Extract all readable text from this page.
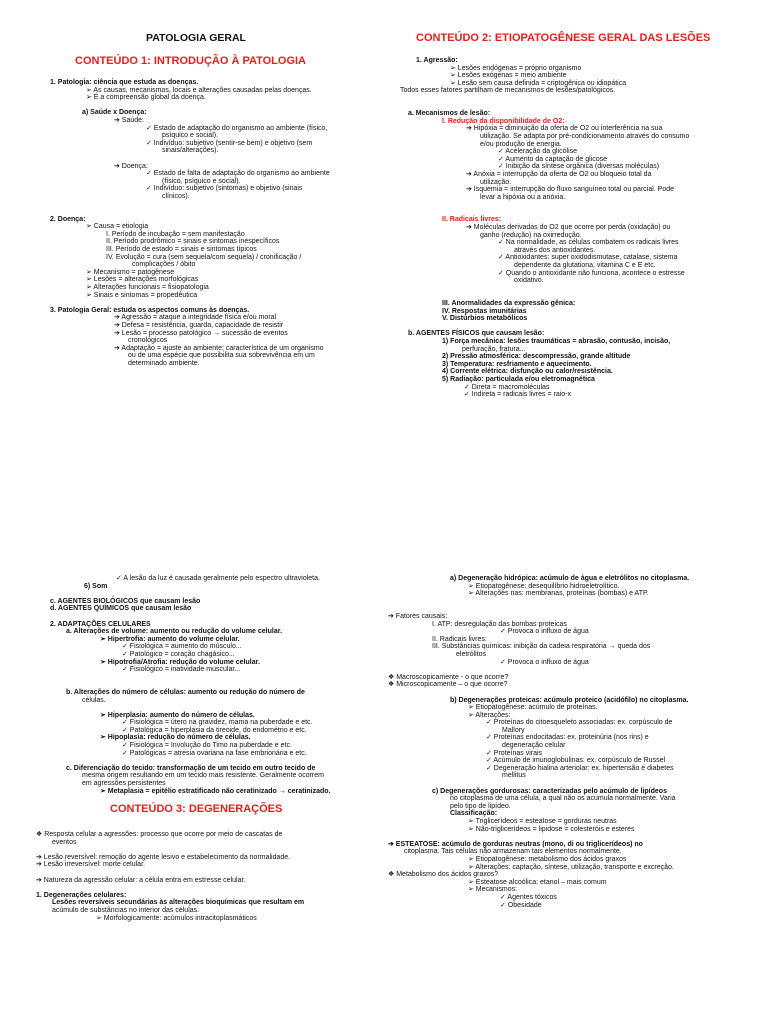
PATOLOGIA GERAL

CONTEÚDO 1: INTRODUÇÃO À PATOLOGIA

1. Patologia: ciência que estuda as doenças.

➢ As causas, mecanismos, locais e alterações causadas pelas doenças.

➢ É a compreensão global da doença.

a) Saúde x Doença:

➔ Saúde:

✓ Estado de adaptação do organismo ao ambiente (físico,

psíquico e social).

✓ Indivíduo: subjetivo (sentir-se bem) e objetivo (sem

sinais/alterações).

➔ Doença:

✓ Estado de falta de adaptação do organismo ao ambiente

(físico, psíquico e social).

✓ Indivíduo: subjetivo (sintomas) e objetivo (sinais

clínicos).

2. Doença:

➢ Causa = etiologia

I. Período de incubação = sem manifestação

II. Período prodrômico = sinais e sintomas inespecíficos

III. Período de estado = sinais e sintomas típicos

IV. Evolução = cura (sem sequela/com sequela) / cronificação /

complicações / óbito

➢ Mecanismo = patogênese

➢ Lesões = alterações morfológicas

➢ Alterações funcionais = fisiopatologia

➢ Sinais e sintomas = propedêutica

3. Patologia Geral: estuda os aspectos comuns às doenças.

➔ Agressão = ataque a integridade física e/ou moral

➔ Defesa = resistência, guarda, capacidade de resistir

➔ Lesão = processo patológico → sucessão de eventos

cronológicos

➔ Adaptação = ajuste ao ambiente; característica de um organismo

ou de uma espécie que possibilita sua sobrevivência em um

determinado ambiente.

CONTEÚDO 2: ETIOPATOGÊNESE GERAL DAS LESÕES

1. Agressão:

➢ Lesões endógenas = próprio organismo

➢ Lesões exógenas = meio ambiente

➢ Lesão sem causa definida = criptogênica ou idiopática

Todos esses fatores partilham de mecanismos de lesões/patológicos.

a. Mecanismos de lesão:

I. Redução da disponibilidade de O2:

➔ Hipóxia = diminuição da oferta de O2 ou interferência na sua

utilização. Se adapta por pré-condicionamento através do consumo

e/ou produção de energia.

✓ Aceleração da glicólise

✓ Aumento da captação de glicose

✓ Inibição da síntese orgânica (diversas moléculas)

➔ Anóxia = interrupção da oferta de O2 ou bloqueio total da

utilização.

➔ Isquemia = interrupção do fluxo sanguíneo total ou parcial. Pode

levar a hipóxia ou a anóxia.

II. Radicais livres:

➔ Moléculas derivadas do O2 que ocorre por perda (oxidação) ou

ganho (redução) na oxirredução.

✓ Na normalidade, as células combatem os radicais livres

através dos antioxidantes.

✓ Antioxidantes: super oxidodismutase, catalase, sistema

dependente da glutationa, vitamina C e E etc.

✓ Quando o antioxidante não funciona, acontece o estresse

oxidativo.

III. Anormalidades da expressão gênica:

IV. Respostas imunitárias

V. Distúrbios metabólicos

b. AGENTES FÍSICOS que causam lesão:

1) Força mecânica: lesões traumáticas = abrasão, contusão, incisão,

perfuração, fratura...

2) Pressão atmosférica: descompressão, grande altitude

3) Temperatura: resfriamento e aquecimento.

4) Corrente elétrica: disfunção ou calor/resistência.

5) Radiação: particulada e/ou eletromagnética

✓ Direta = macromoléculas

✓ Indireta = radicais livres = raio-x

✓ A lesão da luz é causada geralmente pelo espectro ultravioleta.

6) Som

c. AGENTES BIOLÓGICOS que causam lesão

d. AGENTES QUÍMICOS que causam lesão

2. ADAPTAÇÕES CELULARES

a. Alterações de volume: aumento ou redução do volume celular.

➢ Hipertrofia: aumento do volume celular.

✓ Fisiológica = aumento do músculo...

✓ Patológico = coração chagásico...

➢ Hipotrofia/Atrofia: redução do volume celular.

✓ Fisiológico = inatividade muscular...

b. Alterações do número de células: aumento ou redução do número de

células.

➢ Hiperplasia: aumento do número de células.

✓ Fisiológica = útero na gravidez, mama na puberdade e etc.

✓ Patológica = hiperplasia da tireoide, do endométrio e etc.

➢ Hipoplasia: redução do número de células.

✓ Fisiológica = Involução do Timo na puberdade e etc.

✓ Patológicas = atresia ovariana na fase embrionária e etc.

c. Diferenciação do tecido: transformação de um tecido em outro tecido de

mesma origem resultando em um tecido mais resistente. Geralmente ocorrem

em agressões persistentes

➢ Metaplasia = epitélio estratificado não ceratinizado → ceratinizado.

CONTEÚDO 3: DEGENERAÇÕES

❖ Resposta celular a agressões: processo que ocorre por meio de cascatas de

eventos

➔ Lesão reversível: remoção do agente lesivo e estabelecimento da normalidade.

➔ Lesão irreversível: morte celular.

➔ Natureza da agressão celular: a célula entra em estresse celular.

1. Degenerações celulares:

Lesões reversíveis secundárias às alterações bioquímicas que resultam em

acúmulo de substâncias no interior das células.

➢ Morfologicamente: acúmulos intracitoplasmáticos

a) Degeneração hidrópica: acúmulo de água e eletrólitos no citoplasma.

➢ Etiopatogênese: desequilíbrio hidroeletrolítico.

➢ Alterações nas: membranas, proteínas (bombas) e ATP.

➔ Fatores causais:

I. ATP: desregulação das bombas proteicas

✓ Provoca o influxo de água

II. Radicais livres:

III. Substâncias químicas: inibição da cadeia respiratória → queda dos

eletrólitos

✓ Provoca o influxo de água

❖ Macroscopicamente - o que ocorre?

❖ Microscopicamente – o que ocorre?

b) Degenerações proteicas: acúmulo proteico (acidófilo) no citoplasma.

➢ Etiopatogênese: acúmulo de proteínas.

➢ Alterações:

✓ Proteínas do citoesqueleto associadas: ex. corpúsculo de

Mallory

✓ Proteínas endocitadas: ex. proteinúria (nos rins) e

degeneração celular

✓ Proteínas virais

✓ Acúmulo de imunoglobulinas: ex. corpúsculo de Russel

✓ Degeneração hialina arteriolar: ex. hipertensão e diabetes

mellitus

c) Degenerações gordurosas: caracterizadas pelo acúmulo de lipídeos

no citoplasma de uma célula, a qual não os acumula normalmente. Varia

pelo tipo de lipídeo.

Classificação:

➢ Triglicerídeos = esteatose = gorduras neutras

➢ Não-triglicerídeos = lipidose = colesteróis e esteres

➔ ESTEATOSE: acúmulo de gorduras neutras (mono, di ou triglicerídeos) no

citoplasma. Tais células não armazenam tais elementos normalmente.

➢ Etiopatogênese: metabolismo dos ácidos graxos

➢ Alterações: captação, síntese, utilização, transporte e excreção.

❖ Metabolismo dos ácidos graxos?

➢ Esteatose alcoólica: etanol – mais comum

➢ Mecanismos:

✓ Agentes tóxicos

✓ Obesidade
